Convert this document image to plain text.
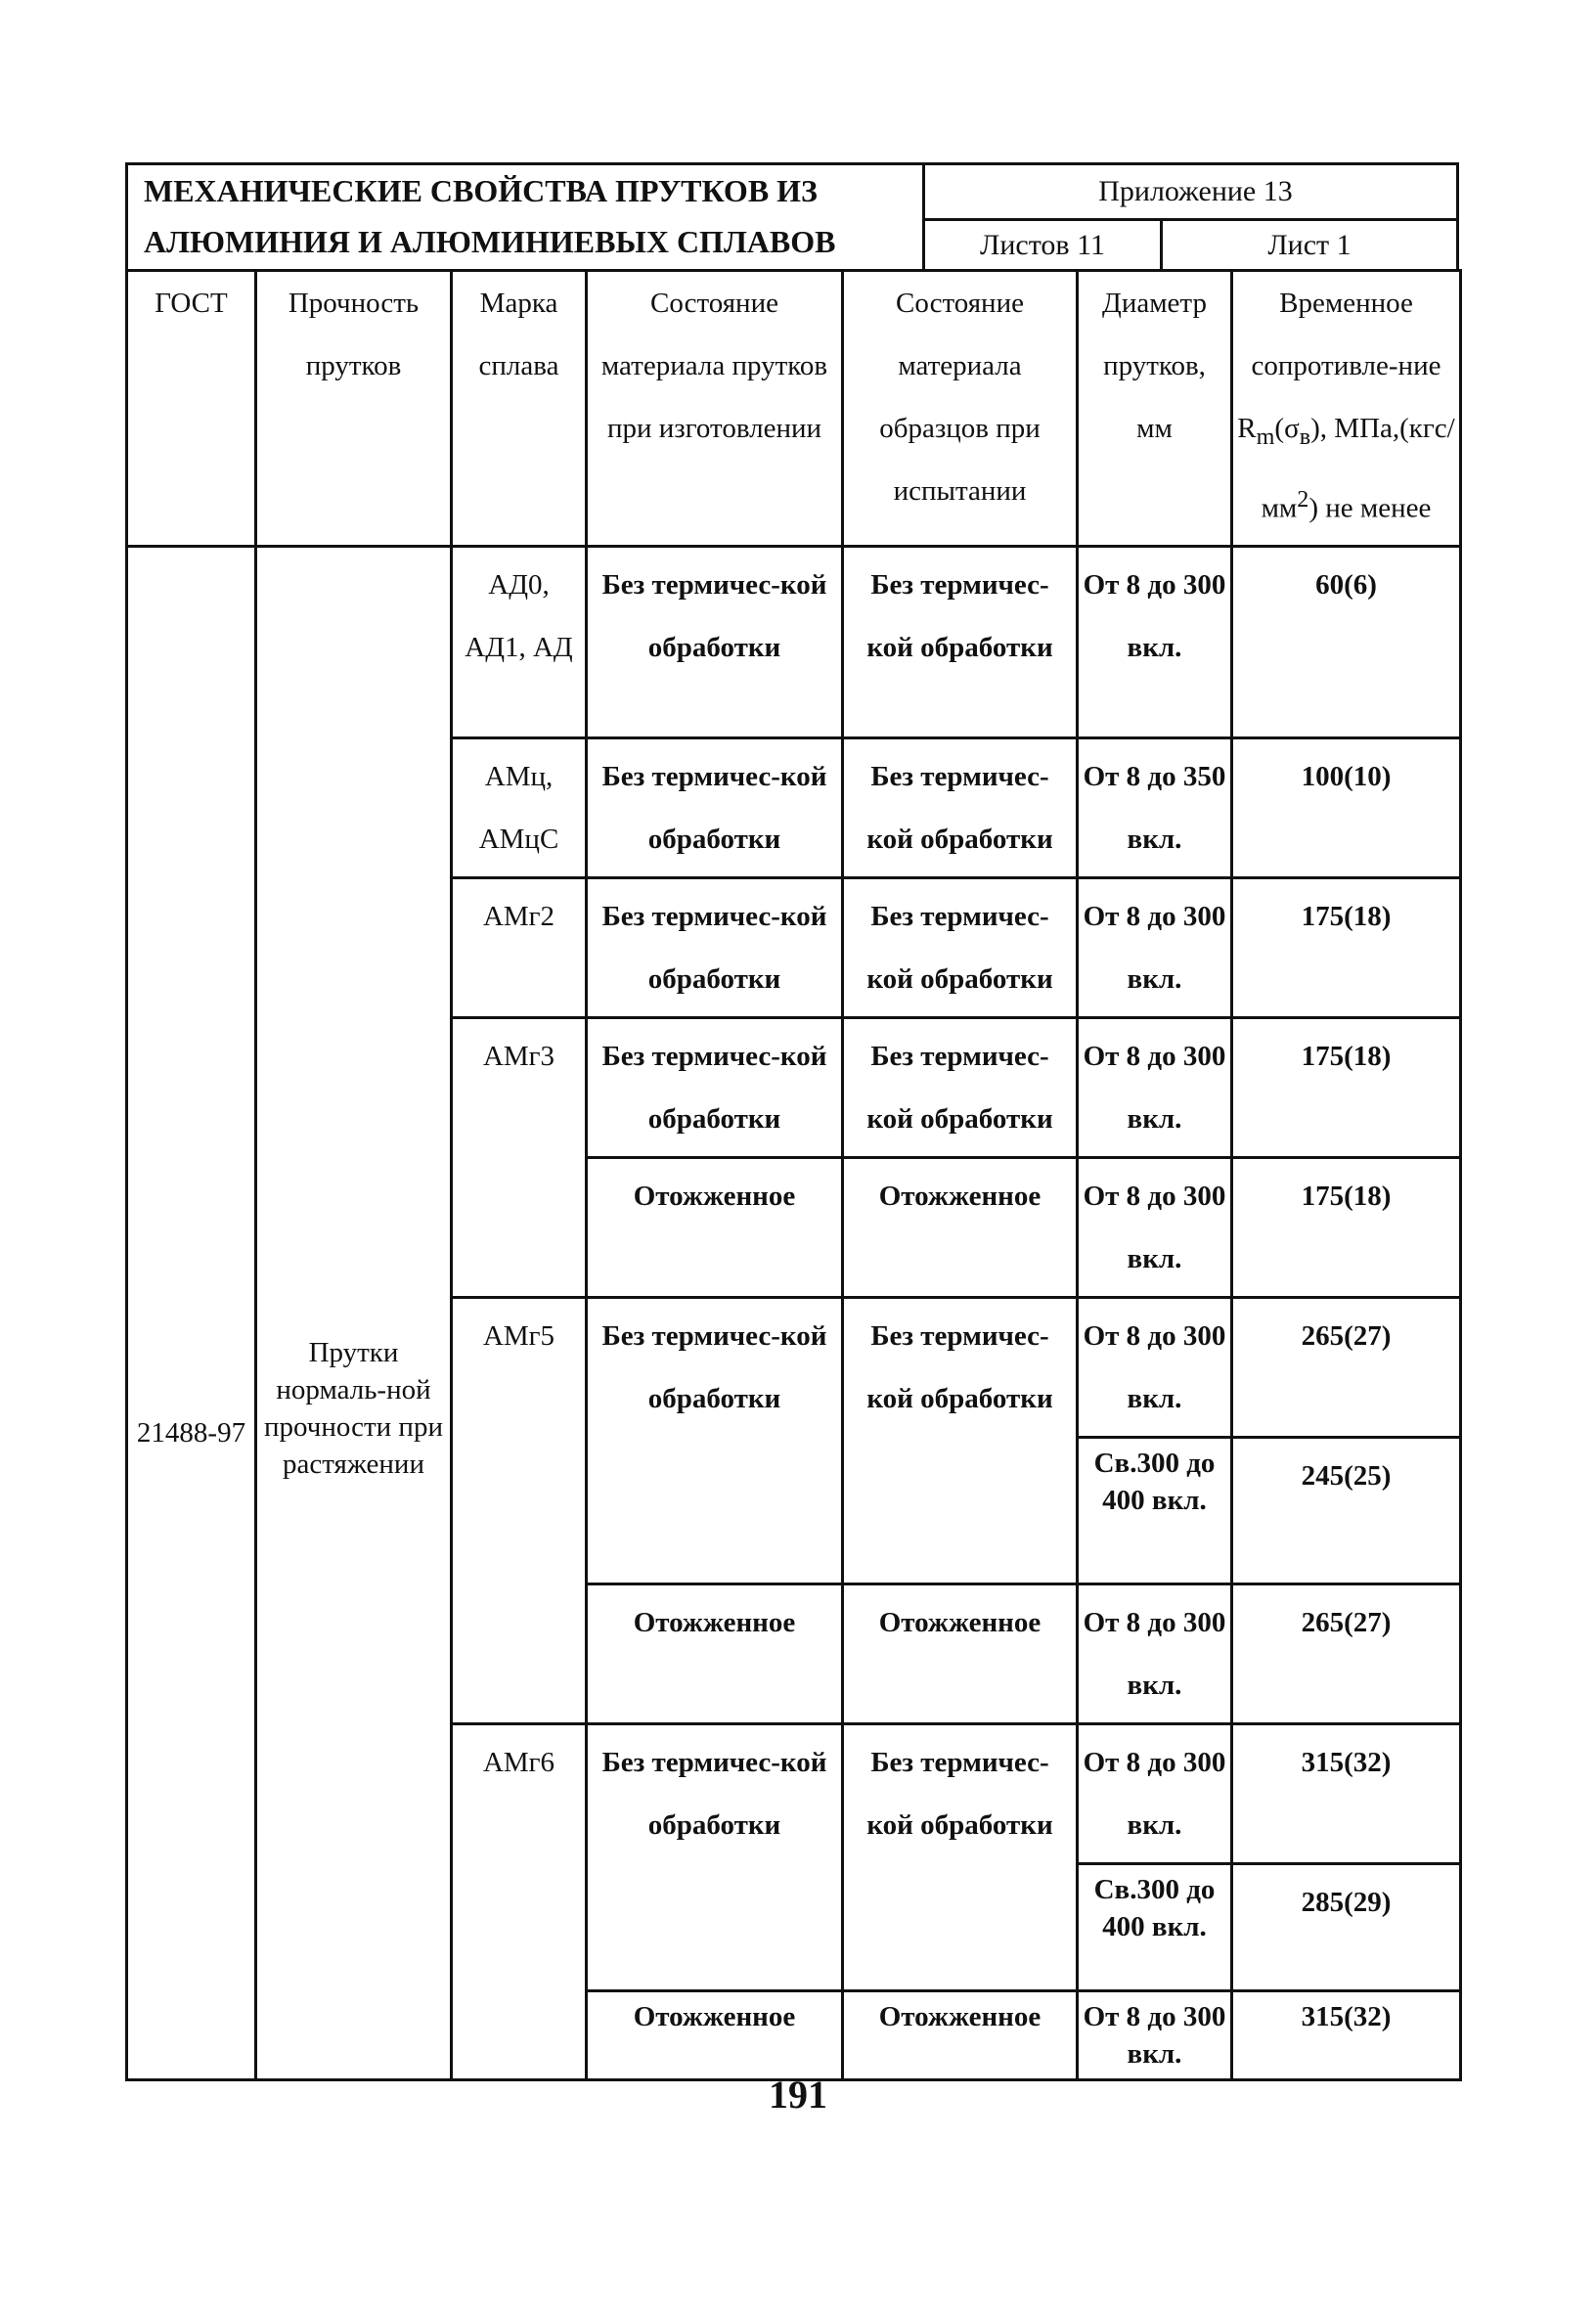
МЕХАНИЧЕСКИЕ СВОЙСТВА ПРУТКОВ ИЗ
АЛЮМИНИЯ И АЛЮМИНИЕВЫХ СПЛАВОВ
Приложение 13
Листов 11	Лист 1
ГОСТ	Прочность прутков	Марка сплава	Состояние материала прутков при изготовлении	Состояние материала образцов при испытании	Диаметр прутков, мм	Временное сопротивле-ние $R_m(\sigma_в)$, $МПа,(кгс/мм^2)$ не менее
21488-97	Прутки нормаль-ной прочности при растяжении	АД0, АД1, АД	Без термичес-кой обработки	Без термичес-кой обработки	От 8 до 300 вкл.	60(6)
		АМц, АМцС	Без термичес-кой обработки	Без термичес-кой обработки	От 8 до 350 вкл.	100(10)
		АМг2	Без термичес-кой обработки	Без термичес-кой обработки	От 8 до 300 вкл.	175(18)
		АМг3	Без термичес-кой обработки	Без термичес-кой обработки	От 8 до 300 вкл.	175(18)
			Отожженное	Отожженное	От 8 до 300 вкл.	175(18)
		АМг5	Без термичес-кой обработки	Без термичес-кой обработки	От 8 до 300 вкл.	265(27)
					Св.300 до 400 вкл.	245(25)
			Отожженное	Отожженное	От 8 до 300 вкл.	265(27)
		АМг6	Без термичес-кой обработки	Без термичес-кой обработки	От 8 до 300 вкл.	315(32)
					Св.300 до 400 вкл.	285(29)
			Отожженное	Отожженное	От 8 до 300 вкл.	315(32)
191
